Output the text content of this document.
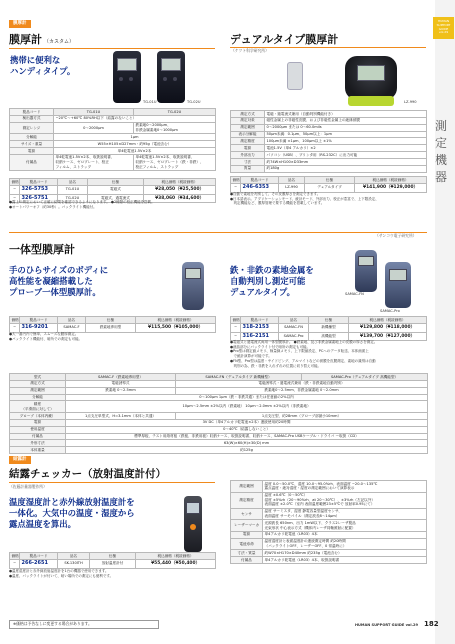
HUMAN
SUPPORT
GUIDE
vol.29
測
定
機
器
膜厚計
膜厚計 （カスタム）
携帯に便利な
ハンディタイプ。
TG-01U	TG-02U
製品コード	TG-01U	TG-02U
検出器方式	−20℃〜+60℃ 80%RH以下（結露のないこと）	
測定レンジ	0〜2000μm	鉄素地0〜2000μm、
非鉄金属素地0〜1000μm
分解能	1μm	
サイズ・重量	W55×H105×D27mm・約95g（電池含む）	
電源	単4乾電池1.5V×2本	
付属品	単4乾電池1.5V×2本、取扱説明書、
収納ケース、ゼロプレート、校正
フィルム、ストラップ	単4乾電池1.5V×2本、取扱説明書、
収納ケース、ゼロプレート（鉄・非鉄）、
校正フィルム、ストラップ
価格	製品コード	品名	仕様	税込価格（税抜価格）
−	326-5753	TG-01U	電磁式	¥28,050（¥25,500）
−	326-5751	TG-02U	電磁式、過電流式	¥38,060（¥34,600）
●露上の測定において正確に結果を確認できるようになります。 ●2種類の校正機能を搭載。
●オートパワーオフ（約30秒）。バックライト機能付。
デュアルタイプ膜厚計
（ケツト科学研究所）
LZ-990
測定方式	電磁・過電流式兼用（自動判別機能付き）
測定対象	磁性金属上の非磁性皮膜、および非磁性金属上の絶縁被膜
測定範囲	0〜2000μm または 0〜60.0mils
表示分解能	50μm未満：0.1μm、50μm以上：1μm
測定精度	100μm未満 ±1μm、100μm以上 ±1%
電源	電池1.5V（単4 アルカリ）×2
外部出力	パソコン（USB）、プリンタ用（RS-232C）に出力可能
寸法	約74W×H100×D33mm
質量	約180g
価格	製品コード	品名	仕様	税込価格（税抜価格）
−	246-6353	LZ-990	デュアルタイプ	¥141,900（¥129,000）
●自動で素地を判別して、その皮膜厚さを測定できます。
●日本語表示。アプリケーションモード、統計モード、外部出力、校正が豊富で、上下限設定、
　判定機能など、膜厚管理で要する機能を搭載しています。
（サンコウ電子研究所）
一体型膜厚計
手のひらサイズのボディに
高性能を凝縮搭載した
プローブ一体型膜厚計。
価格	製品コード	品名	仕様	税込価格（税抜価格）
−	316-9201	SAMAC-F	鉄素地専用型	¥115,500（¥105,000）
●大一番円内で簡単、スムーズな膜厚測定。
●バックライト機能付、暗所での測定も可能。
鉄・非鉄の素地金属を
自動判別し測定可能
デュアルタイプ。	SAMAC-FN
SAMAC-Pro
価格	製品コード	品名	仕様	税込価格（税抜価格）
−	318-2153	SAMAC-FN	新機種型	¥129,800（¥118,000）
−	316-2151	SAMAC-Pro	高機能型	¥139,700（¥127,000）
●電磁式と過電流式両用一体型膜厚計。 ●鉄素地、及び非鉄金属素地上の皮膜の厚さを測定。
●液晶部分にバックライト付で暗所の測定も可能。
●Pro型は測定値メモリ、検量線メモリ、上下限値設定、PCへのデータ転送、本体画面上
　で統計演算が可能です。
●FN型、Pro型は温度・サイドピング、アルマイトなどの被膜を皮膜測定、素地の識別は自動
　判別の為、鉄・非鉄を入れずれの位置に切り替え可能。
型式	SAMAC-F（鉄素地専用型）	SAMAC-FN（デュアルタイプ 新機種型）	SAMAC-Pro（デュアルタイプ 高機能型）
測定方式	電磁誘導式	電磁誘導式・過電流式兼用（鉄・非鉄素地自動判別）	
測定範囲	鉄素地 0〜2.5mm	鉄素地0〜2.5mm、非鉄金属素地 0〜2.0mm	
分解能	0〜100μm 1μm（鉄・非鉄共通）または任意値の2%以内		
精度
（平滑面に対して）	10μm〜2.5mm ±2%以内（鉄素地） 10μm〜2.0mm ±2%以内（非鉄素地）		
プローブ（本体内蔵）	1点支圧単型式、H=3.1mm（本体と共通）	1点支圧型、約28mm（プローブ部最小10mm）	
電源	3V DC（単4アルカリ乾電池×2本）連続使用約20時間		
使用温度	0〜40℃（結露しないこと）		
付属品	標準厚板、テスト用紙材板（鉄板、非鉄用板）収納ケース、取扱説明書、収納ケース、SAMAC-Pro USBケーブル・ドライバ ー取扱（CD）		
外形寸法	63(W)×60(H)×30(D) mm		
本体重量	約125g		
結露計
結露チェッカー（放射温度計付）
（佐藤計量器製作所）
温度湿度計と赤外線放射温度計を
一体化。大気中の温度・湿度から
露点温度を算出。
価格	製品コード	品名	仕様	税込価格（税抜価格）
−	266-2651	SK-130ITH	放射温度計付	¥55,440（¥50,400）
●温度湿度計と赤外線放射温度計を1台の機器で使用できます。
●温度、パックライトが付いて、暗い場所での測定にも便利です。
測定範囲	温度 0.0〜50.0℃、湿度 10.0〜95.0%rh、表面温度 −20.0〜135℃
露点温度・絶対湿度・湿度の測定範囲において演算表示
測定精度	温度 ±0.6℃（0〜50℃）
湿度 ±5%rh（20〜90%rh、at 20〜30℃）、±3%rh（左記以外）
表面温度 ±2.0℃（室内 表面温度範囲23±5℃で 放射率0.95にて）
センサ	温度 サーミスタ、湿度 静電容量型温度センサ、
表面温度 サーモパイル（測定波長8〜14μm）
レーザーマーカ	光源波長 650nm、出力 1mW以下、クラス2レーザ製品
光束形状 中心表示方式（機体内レーザ同軸照射に配置）
電源	単4アルカリ乾電池（LR03）4本
電池寿命	温度湿度計と表面温度計の連続測定時間 約20時間
（バックライトOFF、レーザーOFF、0 常温時に）
寸法・質量	約W70×H170×D40mm 約235g（電池含む）
付属品	単4アルカリ乾電池（LR03）4本、取扱説明書
※価格は予告なしに変更する場合があります。	HUMAN SUPPORT GUIDE vol.29 182
